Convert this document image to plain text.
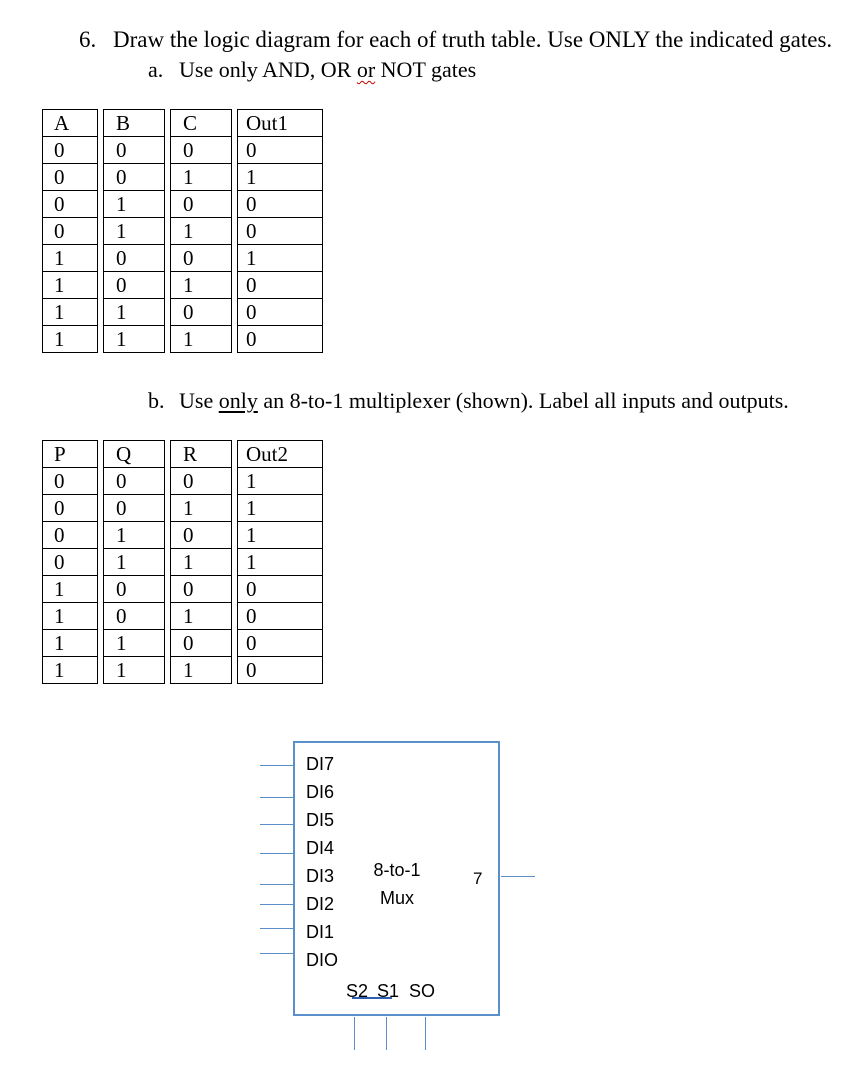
6. Draw the logic diagram for each of truth table. Use ONLY the indicated gates.
a. Use only AND, OR or NOT gates
A		B		C		Out1
0		0		0		0
0		0		1		1
0		1		0		0
0		1		1		0
1		0		0		1
1		0		1		0
1		1		0		0
1		1		1		0
b. Use only an 8-to-1 multiplexer (shown). Label all inputs and outputs.
P		Q		R		Out2
0		0		0		1
0		0		1		1
0		1		0		1
0		1		1		1
1		0		0		0
1		0		1		0
1		1		0		0
1		1		1		0
DI7
DI6
DI5
DI4
DI3
DI2
DI1
DIO
8-to-1
Mux
7
S2 S1 SO
